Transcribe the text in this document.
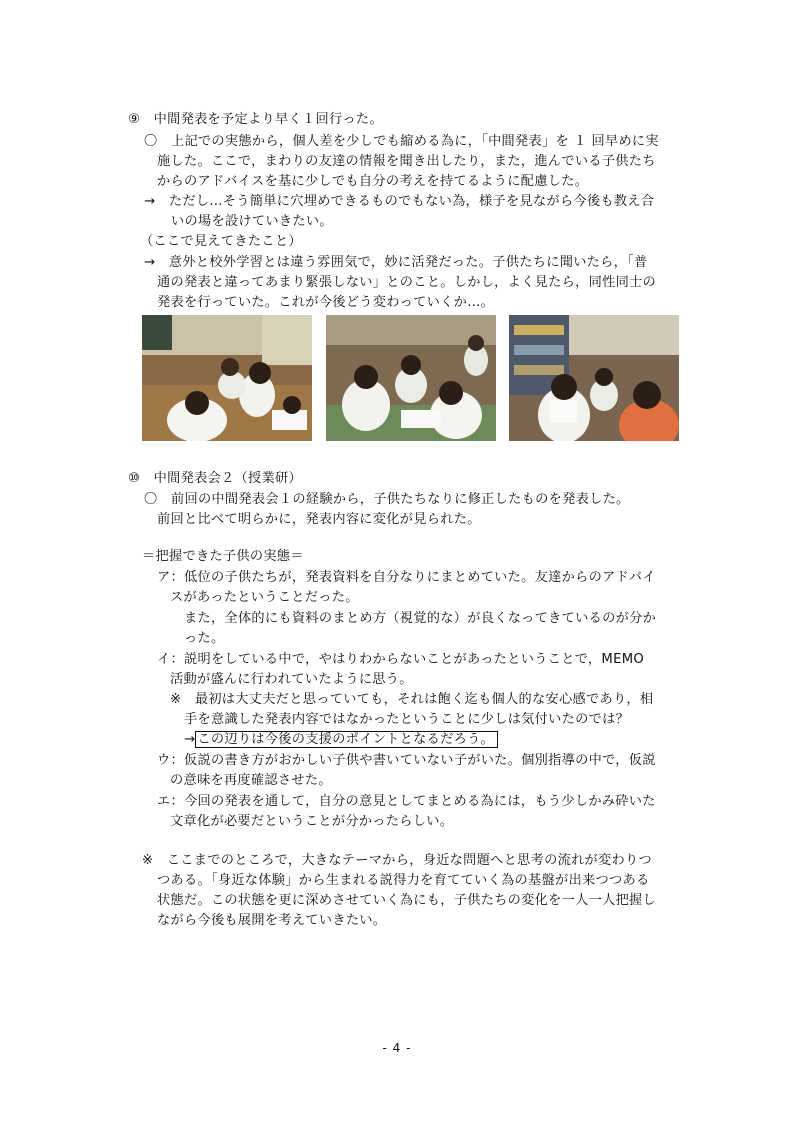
⑨　中間発表を予定より早く１回行った。
〇　上記での実態から，個人差を少しでも縮める為に，「中間発表」を １ 回早めに実
施した。ここで，まわりの友達の情報を聞き出したり，また，進んでいる子供たち
からのアドバイスを基に少しでも自分の考えを持てるように配慮した。
→　ただし…そう簡単に穴埋めできるものでもない為，様子を見ながら今後も教え合
いの場を設けていきたい。
（ここで見えてきたこと）
→　意外と校外学習とは違う雰囲気で，妙に活発だった。子供たちに聞いたら，「普
通の発表と違ってあまり緊張しない」とのこと。しかし，よく見たら，同性同士の
発表を行っていた。これが今後どう変わっていくか…。
⑩　中間発表会２（授業研）
〇　前回の中間発表会１の経験から，子供たちなりに修正したものを発表した。
前回と比べて明らかに，発表内容に変化が見られた。
＝把握できた子供の実態＝
ア：低位の子供たちが，発表資料を自分なりにまとめていた。友達からのアドバイ
スがあったということだった。
また，全体的にも資料のまとめ方（視覚的な）が良くなってきているのが分か
った。
イ：説明をしている中で，やはりわからないことがあったということで，MEMO
活動が盛んに行われていたように思う。
※　最初は大丈夫だと思っていても，それは飽く迄も個人的な安心感であり，相
手を意識した発表内容ではなかったということに少しは気付いたのでは？
→ この辺りは今後の支援のポイントとなるだろう。
ウ：仮説の書き方がおかしい子供や書いていない子がいた。個別指導の中で，仮説
の意味を再度確認させた。
エ：今回の発表を通して，自分の意見としてまとめる為には，もう少しかみ砕いた
文章化が必要だということが分かったらしい。
※　ここまでのところで，大きなテーマから，身近な問題へと思考の流れが変わりつ
つある。「身近な体験」から生まれる説得力を育てていく為の基盤が出来つつある
状態だ。この状態を更に深めさせていく為にも，子供たちの変化を一人一人把握し
ながら今後も展開を考えていきたい。
- 4 -
